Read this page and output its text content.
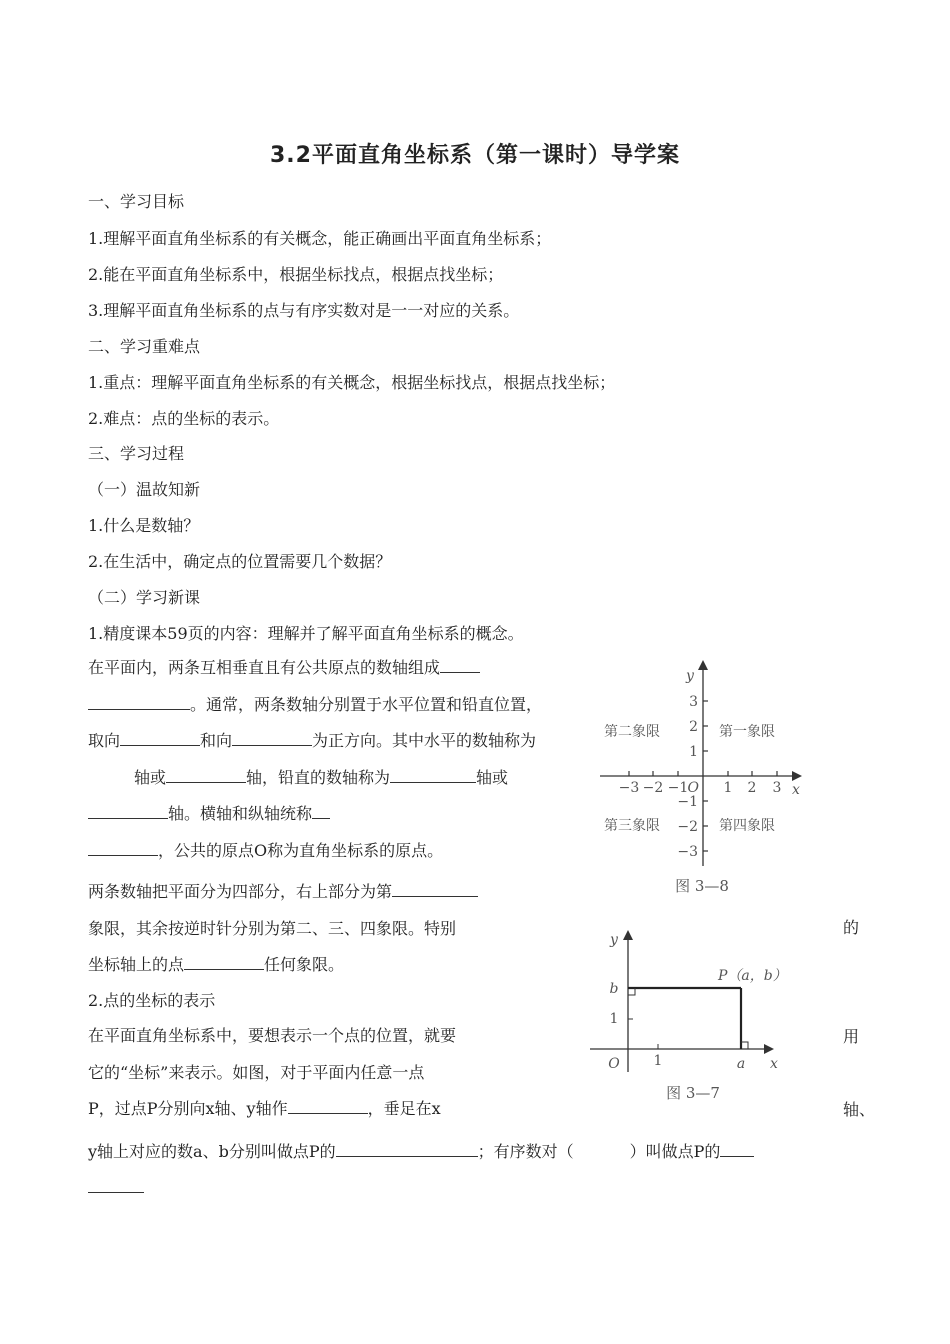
3.2平面直角坐标系（第一课时）导学案
一、学习目标
1.理解平面直角坐标系的有关概念，能正确画出平面直角坐标系；
2.能在平面直角坐标系中，根据坐标找点，根据点找坐标；
3.理解平面直角坐标系的点与有序实数对是一一对应的关系。
二、学习重难点
1.重点：理解平面直角坐标系的有关概念，根据坐标找点，根据点找坐标；
2.难点：点的坐标的表示。
三、学习过程
（一）温故知新
1.什么是数轴？
2.在生活中，确定点的位置需要几个数据？
（二）学习新课
1.精度课本59页的内容：理解并了解平面直角坐标系的概念。
在平面内，两条互相垂直且有公共原点的数轴组成
。通常，两条数轴分别置于水平位置和铅直位置，取向	和向	为正方向。其中水平的数轴称为轴或	轴，铅直的数轴称为	轴或轴。横轴和纵轴统称
，公共的原点O称为直角坐标系的原点。
两条数轴把平面分为四部分，右上部分为第
象限，其余按逆时针分别为第二、三、四象限。特别
坐标轴上的点	任何象限。
的
2.点的坐标的表示
在平面直角坐标系中，要想表示一个点的位置，就要
它的“坐标”来表示。如图，对于平面内任意一点
P，过点P分别向x轴、y轴作	，垂足在x
用
轴、
y轴上对应的数a、b分别叫做点P的	；有序数对（	）叫做点P的
−3 −2 −1	1 2 3
3
2
1
−1
−2
−3
O	x
y
第一象限
第二象限
第三象限	第四象限
图 3—8
b
1
1	a
O	x
y
P（a，b）
图 3—7
